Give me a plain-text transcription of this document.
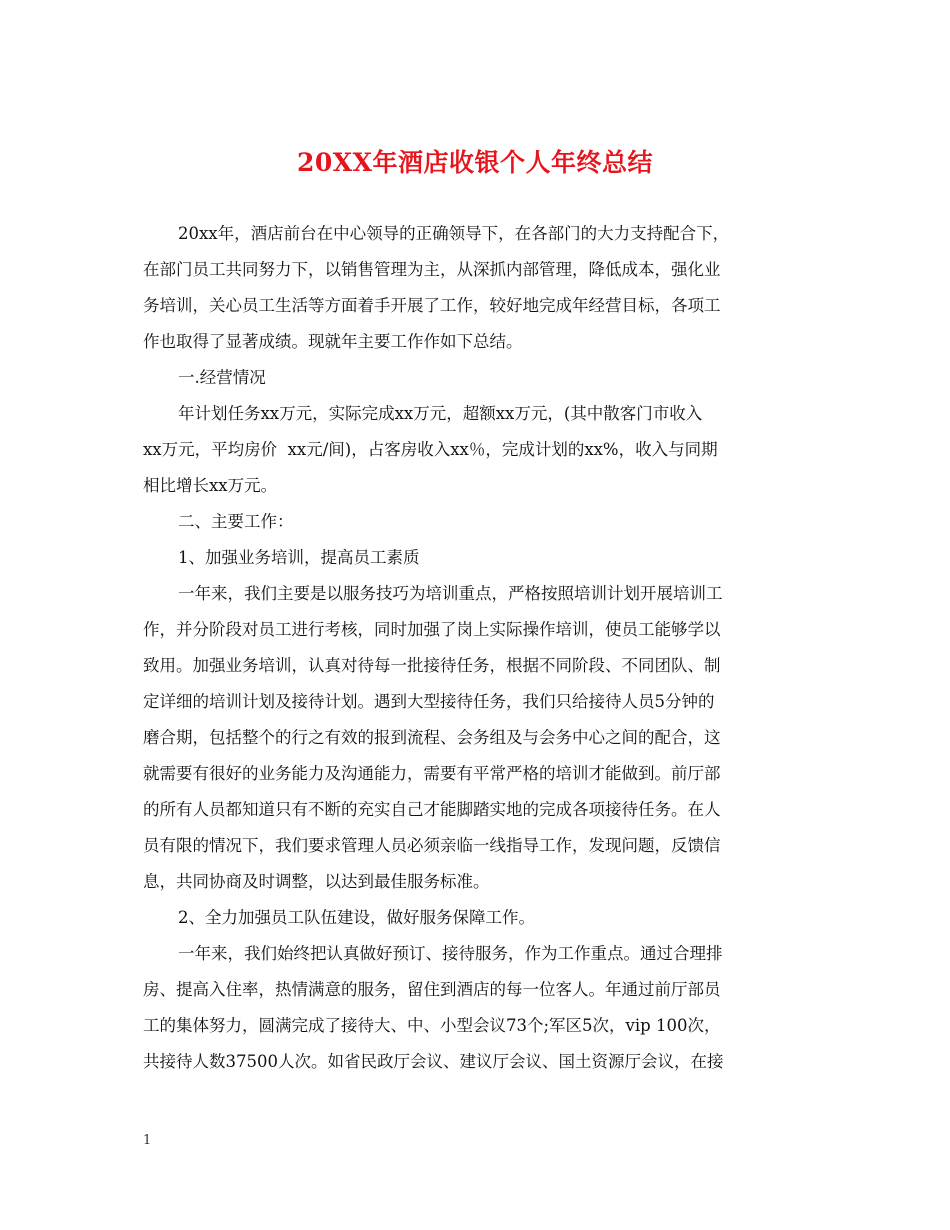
20XX年酒店收银个人年终总结

20xx年，酒店前台在中心领导的正确领导下，在各部门的大力支持配合下，
在部门员工共同努力下，以销售管理为主，从深抓内部管理，降低成本，强化业
务培训，关心员工生活等方面着手开展了工作，较好地完成年经营目标，各项工
作也取得了显著成绩。现就年主要工作作如下总结。

一.经营情况

年计划任务xx万元，实际完成xx万元，超额xx万元，(其中散客门市收入
xx万元，平均房价  xx元/间)，占客房收入xx％，完成计划的xx%，收入与同期
相比增长xx万元。

二、主要工作：

1、加强业务培训，提高员工素质

一年来，我们主要是以服务技巧为培训重点，严格按照培训计划开展培训工
作，并分阶段对员工进行考核，同时加强了岗上实际操作培训，使员工能够学以
致用。加强业务培训，认真对待每一批接待任务，根据不同阶段、不同团队、制
定详细的培训计划及接待计划。遇到大型接待任务，我们只给接待人员5分钟的
磨合期，包括整个的行之有效的报到流程、会务组及与会务中心之间的配合，这
就需要有很好的业务能力及沟通能力，需要有平常严格的培训才能做到。前厅部
的所有人员都知道只有不断的充实自己才能脚踏实地的完成各项接待任务。在人
员有限的情况下，我们要求管理人员必须亲临一线指导工作，发现问题，反馈信
息，共同协商及时调整，以达到最佳服务标准。

2、全力加强员工队伍建设，做好服务保障工作。

一年来，我们始终把认真做好预订、接待服务，作为工作重点。通过合理排
房、提高入住率，热情满意的服务，留住到酒店的每一位客人。年通过前厅部员
工的集体努力，圆满完成了接待大、中、小型会议73个;军区5次，vip 100次，
共接待人数37500人次。如省民政厅会议、建议厅会议、国土资源厅会议，在接

1
